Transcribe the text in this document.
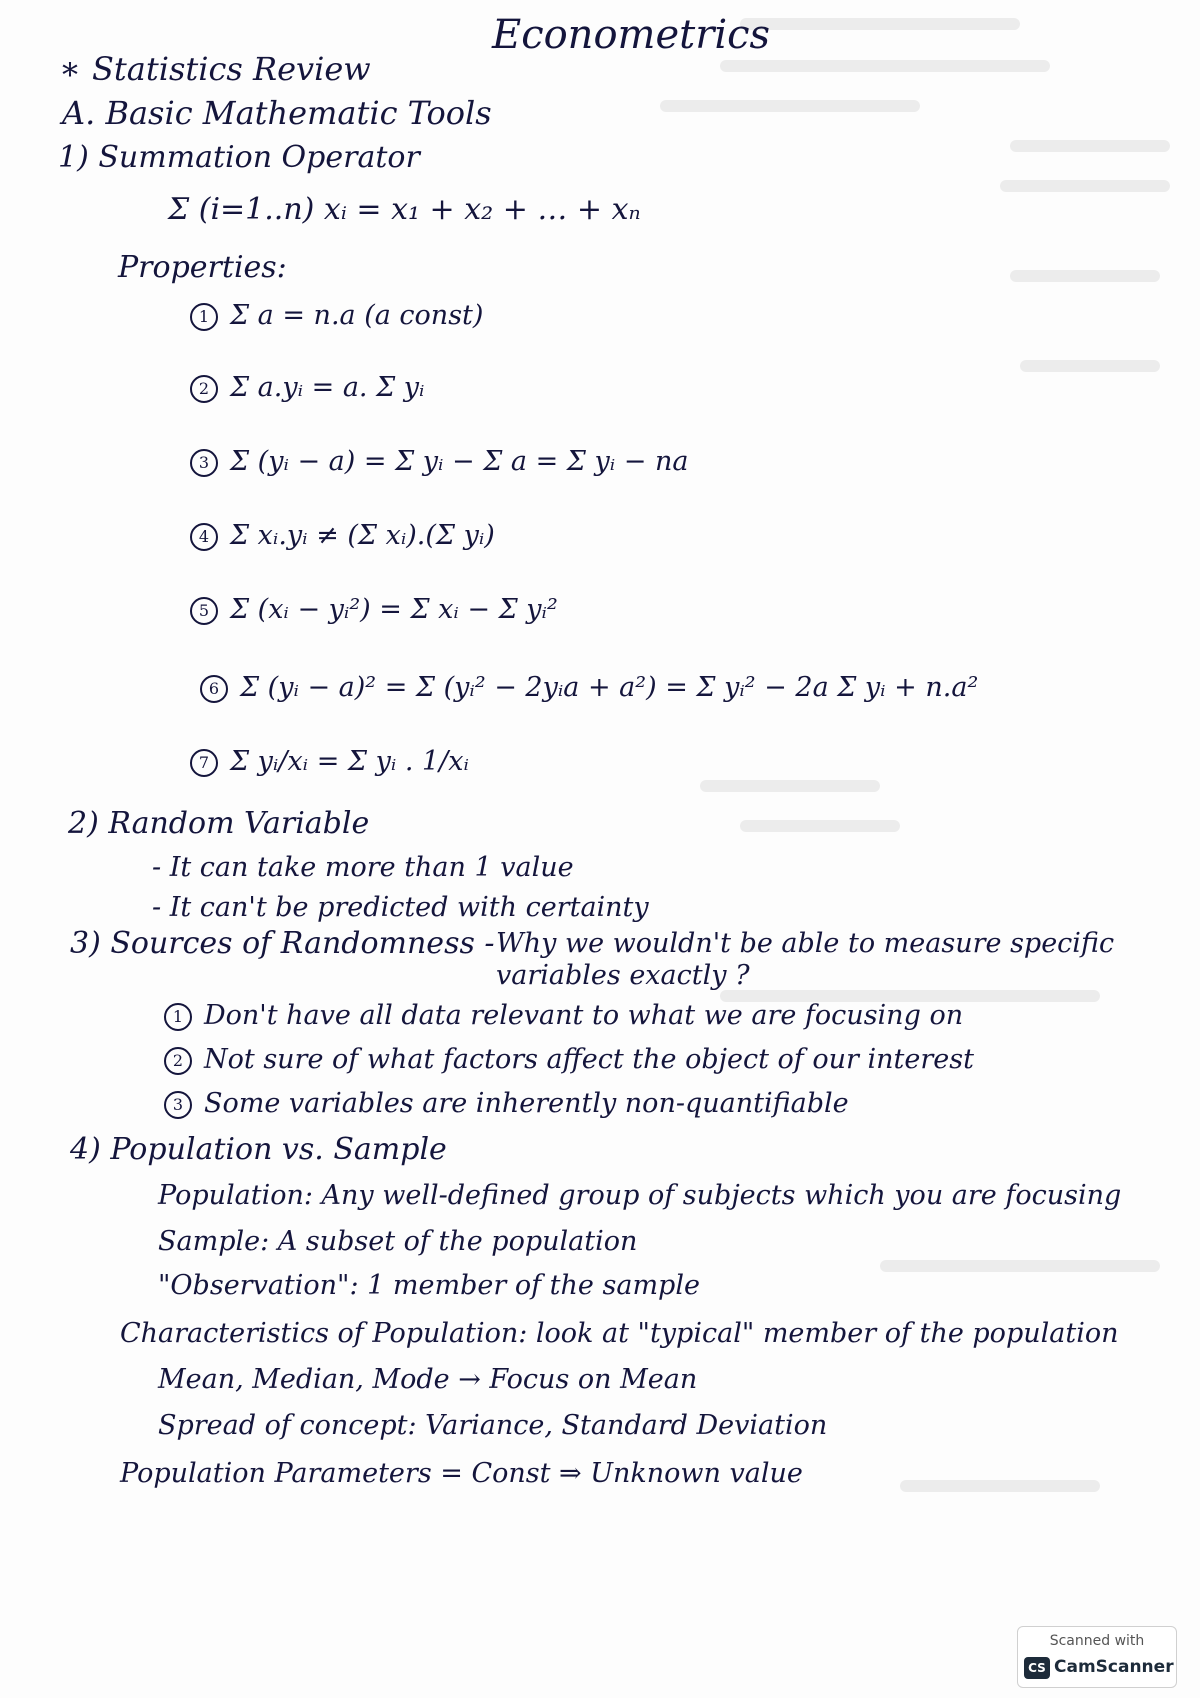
Econometrics
* Statistics Review
A. Basic Mathematic Tools
1) Summation Operator
Σ (i=1..n) xᵢ = x₁ + x₂ + … + xₙ
Properties:
1 Σ a = n.a (a const)
2 Σ a.yᵢ = a. Σ yᵢ
3 Σ (yᵢ − a) = Σ yᵢ − Σ a = Σ yᵢ − na
4 Σ xᵢ.yᵢ ≠ (Σ xᵢ).(Σ yᵢ)
5 Σ (xᵢ − yᵢ²) = Σ xᵢ − Σ yᵢ²
6 Σ (yᵢ − a)² = Σ (yᵢ² − 2yᵢa + a²) = Σ yᵢ² − 2a Σ yᵢ + n.a²
7 Σ yᵢ/xᵢ = Σ yᵢ . 1/xᵢ
2) Random Variable
- It can take more than 1 value
- It can't be predicted with certainty
3) Sources of Randomness - Why we wouldn't be able to measure specific
variables exactly ?
1 Don't have all data relevant to what we are focusing on
2 Not sure of what factors affect the object of our interest
3 Some variables are inherently non-quantifiable
4) Population vs. Sample
Population: Any well-defined group of subjects which you are focusing
Sample: A subset of the population
"Observation": 1 member of the sample
Characteristics of Population: look at "typical" member of the population
Mean, Median, Mode → Focus on Mean
Spread of concept: Variance, Standard Deviation
Population Parameters = Const ⇒ Unknown value
Scanned with
CS CamScanner
